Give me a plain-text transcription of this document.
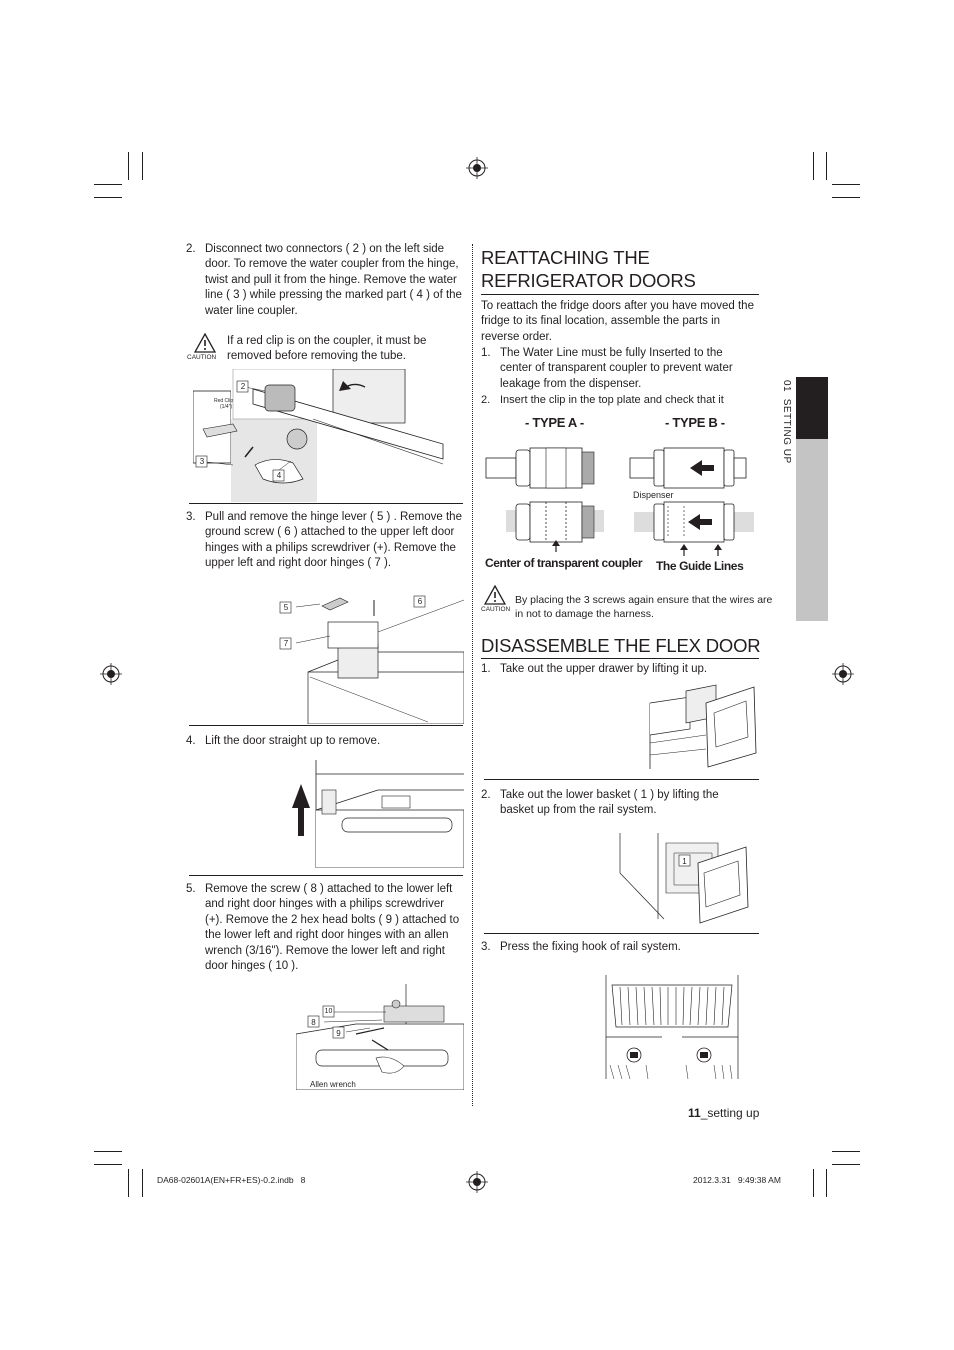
01  SETTING UP
2. Disconnect two connectors ( 2 ) on the left side door. To remove the water coupler from the hinge, twist and pull it from the hinge. Remove the water line ( 3 ) while pressing the marked part ( 4 ) of the water line coupler.
CAUTION
If a red clip is on the coupler, it must be removed before removing the tube.
2
3
4
Red Clip
(1/4")
3. Pull and remove the hinge lever ( 5 ) . Remove the ground screw ( 6 ) attached to the upper left door hinges with a philips screwdriver (+). Remove the upper left and right door hinges ( 7 ).
5
6
7
4. Lift the door straight up to remove.
5. Remove the screw ( 8 ) attached to the lower left and right door hinges with a philips screwdriver (+). Remove the 2 hex head bolts ( 9 ) attached to the lower left and right door hinges with an allen wrench (3/16"). Remove the lower left and right door hinges ( 10 ).
10
8
9
Allen wrench
REATTACHING THE
REFRIGERATOR DOORS
To reattach the fridge doors after you have moved the fridge to its final location, assemble the parts in reverse order.
1. The Water Line must be fully Inserted to the center of transparent coupler to prevent water leakage from the dispenser.
2. Insert the clip in the top plate and check that it
- TYPE A -	- TYPE B -
Dispenser
Center of transparent coupler The Guide Lines
CAUTION
By placing the 3 screws again ensure that the wires are in not to damage the harness.
DISASSEMBLE THE FLEX DOOR
1. Take out the upper drawer by lifting it up.
2. Take out the lower basket ( 1 ) by lifting the basket up from the rail system.
1
3. Press the fixing hook of rail system.
11_setting up
DA68-02601A(EN+FR+ES)-0.2.indb   8	2012.3.31   9:49:38 AM
